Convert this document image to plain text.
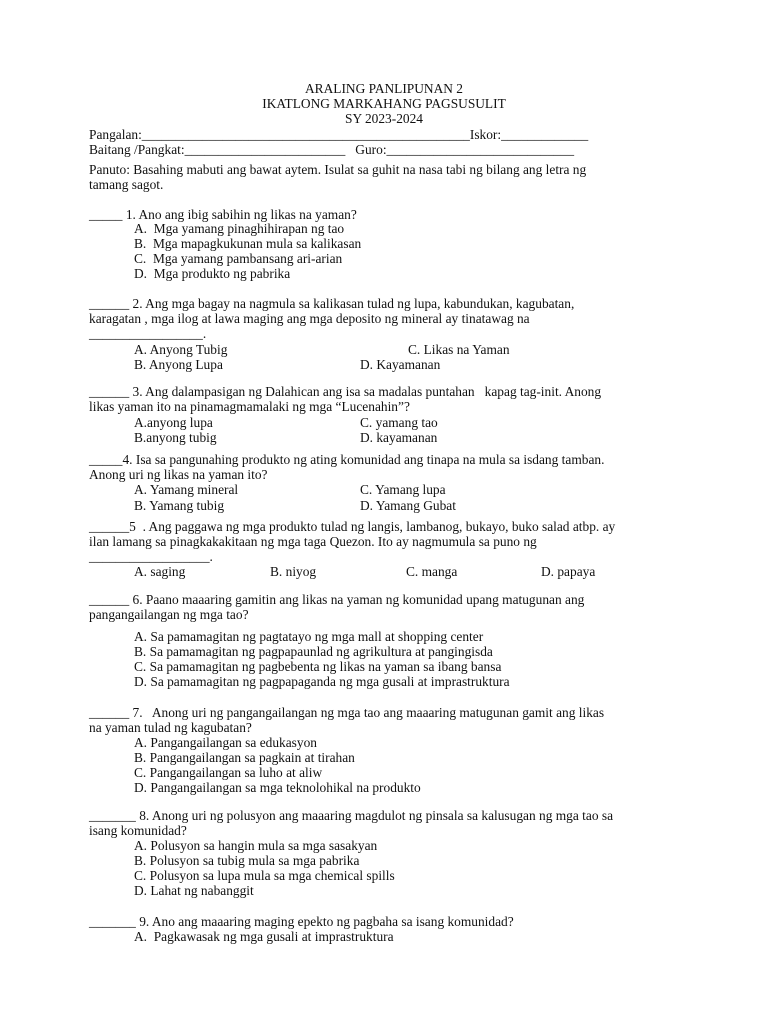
ARALING PANLIPUNAN 2
IKATLONG MARKAHANG PAGSUSULIT
SY 2023-2024
Pangalan:_________________________________________________Iskor:_____________
Baitang /Pangkat:________________________   Guro:____________________________
Panuto: Basahing mabuti ang bawat aytem. Isulat sa guhit na nasa tabi ng bilang ang letra ng
tamang sagot.
_____ 1. Ano ang ibig sabihin ng likas na yaman?
A.  Mga yamang pinaghihirapan ng tao
B.  Mga mapagkukunan mula sa kalikasan
C.  Mga yamang pambansang ari-arian
D.  Mga produkto ng pabrika
______ 2. Ang mga bagay na nagmula sa kalikasan tulad ng lupa, kabundukan, kagubatan,
karagatan , mga ilog at lawa maging ang mga deposito ng mineral ay tinatawag na
_________________.
A. Anyong Tubig
B. Anyong Lupa
C. Likas na Yaman
D. Kayamanan
______ 3. Ang dalampasigan ng Dalahican ang isa sa madalas puntahan   kapag tag-init. Anong
likas yaman ito na pinamagmamalaki ng mga “Lucenahin”?
A.anyong lupa
B.anyong tubig
C. yamang tao
D. kayamanan
_____4. Isa sa pangunahing produkto ng ating komunidad ang tinapa na mula sa isdang tamban.
Anong uri ng likas na yaman ito?
A. Yamang mineral
B. Yamang tubig
C. Yamang lupa
D. Yamang Gubat
______5  . Ang paggawa ng mga produkto tulad ng langis, lambanog, bukayo, buko salad atbp. ay
ilan lamang sa pinagkakakitaan ng mga taga Quezon. Ito ay nagmumula sa puno ng
__________________.
A. saging	B. niyog	C. manga	D. papaya
______ 6. Paano maaaring gamitin ang likas na yaman ng komunidad upang matugunan ang
pangangailangan ng mga tao?
A. Sa pamamagitan ng pagtatayo ng mga mall at shopping center
B. Sa pamamagitan ng pagpapaunlad ng agrikultura at pangingisda
C. Sa pamamagitan ng pagbebenta ng likas na yaman sa ibang bansa
D. Sa pamamagitan ng pagpapaganda ng mga gusali at imprastruktura
______ 7.   Anong uri ng pangangailangan ng mga tao ang maaaring matugunan gamit ang likas
na yaman tulad ng kagubatan?
A. Pangangailangan sa edukasyon
B. Pangangailangan sa pagkain at tirahan
C. Pangangailangan sa luho at aliw
D. Pangangailangan sa mga teknolohikal na produkto
_______ 8. Anong uri ng polusyon ang maaaring magdulot ng pinsala sa kalusugan ng mga tao sa
isang komunidad?
A. Polusyon sa hangin mula sa mga sasakyan
B. Polusyon sa tubig mula sa mga pabrika
C. Polusyon sa lupa mula sa mga chemical spills
D. Lahat ng nabanggit
_______ 9. Ano ang maaaring maging epekto ng pagbaha sa isang komunidad?
A.  Pagkawasak ng mga gusali at imprastruktura
